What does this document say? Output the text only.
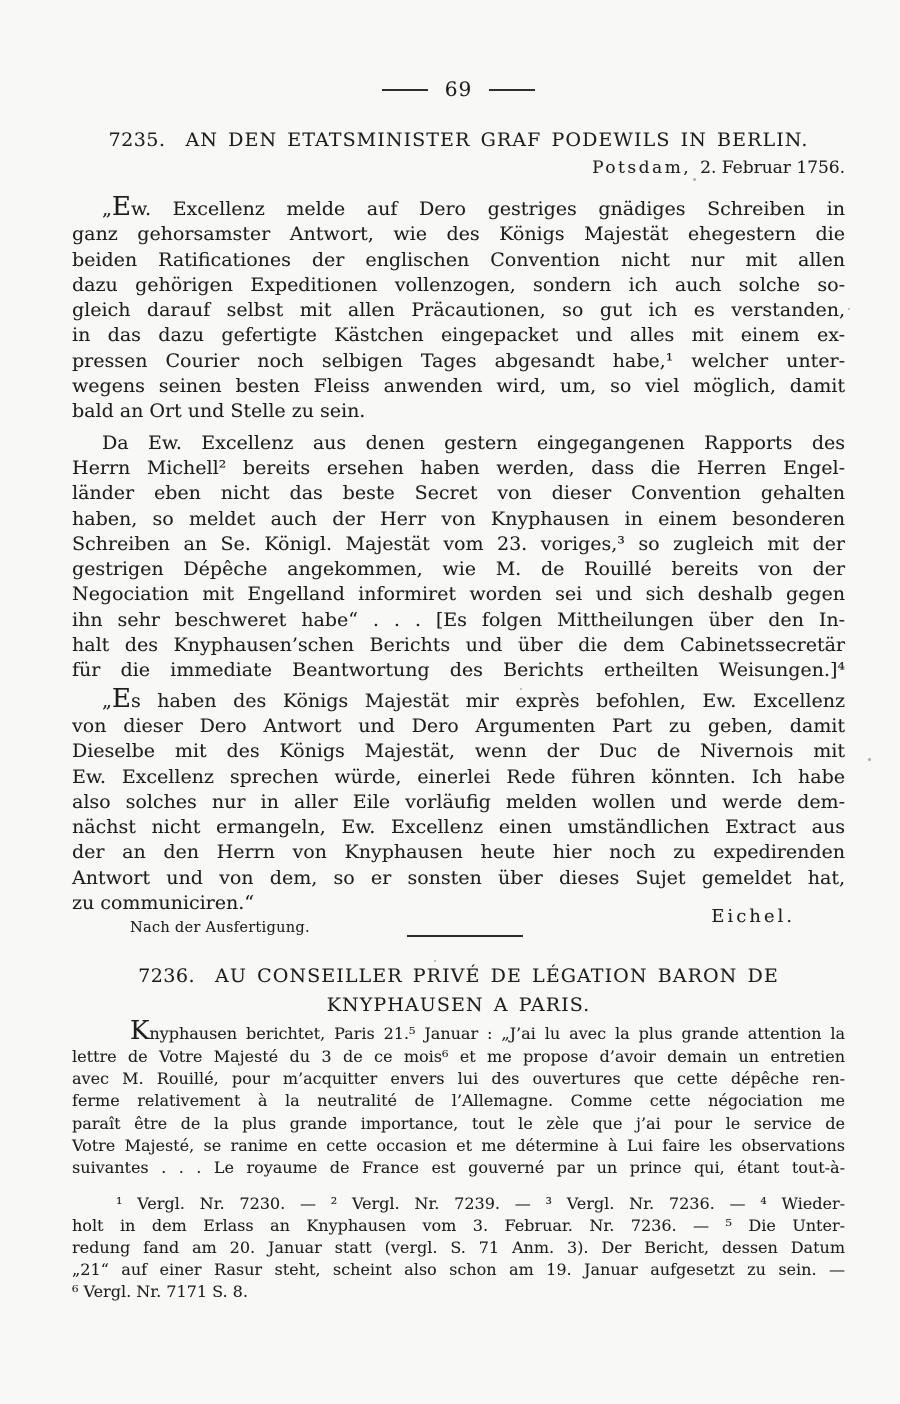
69
7235. AN DEN ETATSMINISTER GRAF PODEWILS IN BERLIN.
Potsdam, 2. Februar 1756.
„Ew. Excellenz melde auf Dero gestriges gnädiges Schreiben in
ganz gehorsamster Antwort, wie des Königs Majestät ehegestern die
beiden Ratificationes der englischen Convention nicht nur mit allen
dazu gehörigen Expeditionen vollenzogen, sondern ich auch solche so-
gleich darauf selbst mit allen Präcautionen, so gut ich es verstanden,
in das dazu gefertigte Kästchen eingepacket und alles mit einem ex-
pressen Courier noch selbigen Tages abgesandt habe,¹ welcher unter-
wegens seinen besten Fleiss anwenden wird, um, so viel möglich, damit
bald an Ort und Stelle zu sein.
Da Ew. Excellenz aus denen gestern eingegangenen Rapports des
Herrn Michell² bereits ersehen haben werden, dass die Herren Engel-
länder eben nicht das beste Secret von dieser Convention gehalten
haben, so meldet auch der Herr von Knyphausen in einem besonderen
Schreiben an Se. Königl. Majestät vom 23. voriges,³ so zugleich mit der
gestrigen Dépêche angekommen, wie M. de Rouillé bereits von der
Negociation mit Engelland informiret worden sei und sich deshalb gegen
ihn sehr beschweret habe“ . . . [Es folgen Mittheilungen über den In-
halt des Knyphausen’schen Berichts und über die dem Cabinetssecretär
für die immediate Beantwortung des Berichts ertheilten Weisungen.]⁴
„Es haben des Königs Majestät mir exprès befohlen, Ew. Excellenz
von dieser Dero Antwort und Dero Argumenten Part zu geben, damit
Dieselbe mit des Königs Majestät, wenn der Duc de Nivernois mit
Ew. Excellenz sprechen würde, einerlei Rede führen könnten. Ich habe
also solches nur in aller Eile vorläufig melden wollen und werde dem-
nächst nicht ermangeln, Ew. Excellenz einen umständlichen Extract aus
der an den Herrn von Knyphausen heute hier noch zu expedirenden
Antwort und von dem, so er sonsten über dieses Sujet gemeldet hat,
zu communiciren.“
Eichel.
Nach der Ausfertigung.
7236. AU CONSEILLER PRIVÉ DE LÉGATION BARON DE
KNYPHAUSEN A PARIS.
Knyphausen berichtet, Paris 21.⁵ Januar : „J’ai lu avec la plus grande attention la
lettre de Votre Majesté du 3 de ce mois⁶ et me propose d’avoir demain un entretien
avec M. Rouillé, pour m’acquitter envers lui des ouvertures que cette dépêche ren-
ferme relativement à la neutralité de l’Allemagne. Comme cette négociation me
paraît être de la plus grande importance, tout le zèle que j’ai pour le service de
Votre Majesté, se ranime en cette occasion et me détermine à Lui faire les observations
suivantes . . . Le royaume de France est gouverné par un prince qui, étant tout-à-
¹ Vergl. Nr. 7230. — ² Vergl. Nr. 7239. — ³ Vergl. Nr. 7236. — ⁴ Wieder-
holt in dem Erlass an Knyphausen vom 3. Februar. Nr. 7236. — ⁵ Die Unter-
redung fand am 20. Januar statt (vergl. S. 71 Anm. 3). Der Bericht, dessen Datum
„21“ auf einer Rasur steht, scheint also schon am 19. Januar aufgesetzt zu sein. —
⁶ Vergl. Nr. 7171 S. 8.
